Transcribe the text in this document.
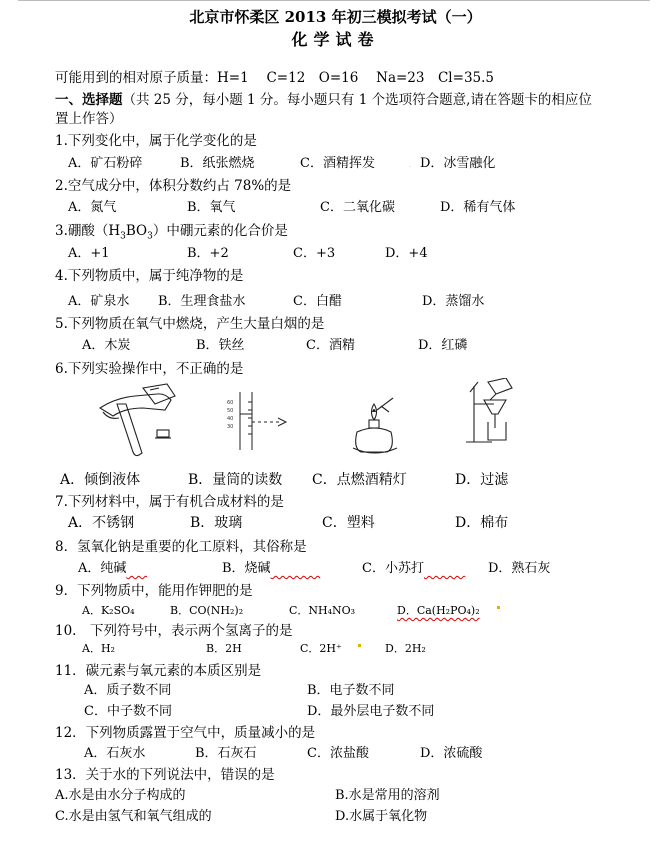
北京市怀柔区 2013 年初三模拟考试（一）
化学试卷
可能用到的相对原子质量：H=1　 C=12　O=16　 Na=23　Cl=35.5
一、选择题（共 25 分，每小题 1 分。每小题只有 1 个选项符合题意,请在答题卡的相应位
置上作答）
1.下列变化中，属于化学变化的是
A．矿石粉碎	B．纸张燃烧	C．酒精挥发
	D．冰雪融化
2.空气成分中，体积分数约占 78%的是
A．氮气	B．氧气	C．二氧化碳	D．稀有气体
3.硼酸$(H_3BO_3)$中硼元素的化合价是
A．+1	B．+2	C．+3	D．+4
4.下列物质中，属于纯净物的是
A．矿泉水 B．生理食盐水	C．白醋	D．蒸馏水
5.下列物质在氧气中燃烧，产生大量白烟的是
A．木炭	B．铁丝	C．酒精	D．红磷
6.下列实验操作中，不正确的是
60
50
40
30
A．倾倒液体	B．量筒的读数 C．点燃酒精灯	D．过滤
7.下列材料中，属于有机合成材料的是
A．不锈钢	B．玻璃	C．塑料	D．棉布
8．氢氧化钠是重要的化工原料，其俗称是
A．纯碱	B．烧碱	C．小苏打	D．熟石灰
9．下列物质中，能用作钾肥的是
A．K₂SO₄	B．CO(NH₂)₂	C．NH₄NO₃	D．Ca(H₂PO₄)₂
10.　下列符号中，表示两个氢离子的是
A．H₂	B．2H	C．2H⁺	D．2H₂
11．碳元素与氧元素的本质区别是
A．质子数不同	B．电子数不同
C．中子数不同	D．最外层电子数不同
12．下列物质露置于空气中，质量减小的是
A．石灰水	B．石灰石	C．浓盐酸	D．浓硫酸
13．关于水的下列说法中，错误的是
A.水是由水分子构成的	B.水是常用的溶剂
C.水是由氢气和氧气组成的	D.水属于氧化物
